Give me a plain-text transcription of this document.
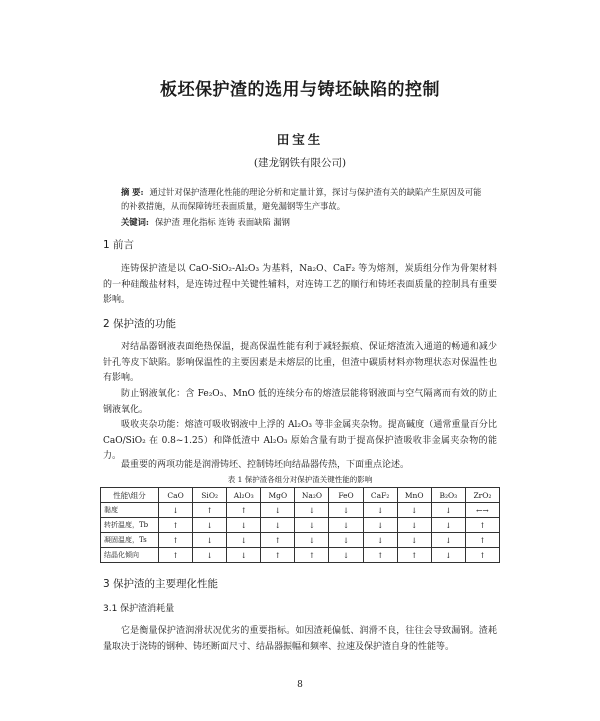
板坯保护渣的选用与铸坯缺陷的控制
田宝生
(建龙钢铁有限公司)
摘 要: 通过针对保护渣理化性能的理论分析和定量计算，探讨与保护渣有关的缺陷产生原因及可能的补救措施，从而保障铸坯表面质量，避免漏钢等生产事故。
关键词: 保护渣 理化指标 连铸 表面缺陷 漏钢
1 前言

连铸保护渣是以 CaO-SiO₂-Al₂O₃ 为基料，Na₂O、CaF₂ 等为熔剂，炭质组分作为骨架材料的一种硅酸盐材料，是连铸过程中关键性辅料，对连铸工艺的顺行和铸坯表面质量的控制具有重要影响。

2 保护渣的功能

对结晶器钢液表面绝热保温，提高保温性能有利于减轻振痕、保证熔渣流入通道的畅通和减少针孔等皮下缺陷。影响保温性的主要因素是未熔层的比重，但渣中碳质材料亦物理状态对保温性也有影响。

防止钢液氧化：含 Fe₂O₃、MnO 低的连续分布的熔渣层能将钢液面与空气隔离而有效的防止钢液氧化。

吸收夹杂功能：熔渣可吸收钢液中上浮的 Al₂O₃ 等非金属夹杂物。提高碱度（通常重量百分比 CaO/SiO₂ 在 0.8~1.25）和降低渣中 Al₂O₃ 原始含量有助于提高保护渣吸收非金属夹杂物的能力。

最重要的两项功能是润滑铸坯、控制铸坯向结晶器传热，下面重点论述。

表 1 保护渣各组分对保护渣关键性能的影响
性能\组分	CaO	SiO₂	Al₂O₃	MgO	Na₂O	FeO	CaF₂	MnO	B₂O₃	ZrO₂
黏度	↓	↑	↑	↓	↓	↓	↓	↓	↓	←→
转折温度，Tb	↑	↓	↓	↓	↓	↓	↓	↓	↓	↑
凝固温度，Ts	↑	↓	↓	↑	↓	↓	↓	↓	↓	↑
结晶化倾向	↑	↓	↓	↑	↑	↓	↑	↑	↓	↑
3 保护渣的主要理化性能
3.1 保护渣消耗量

它是衡量保护渣润滑状况优劣的重要指标。如因渣耗偏低、润滑不良，往往会导致漏钢。渣耗量取决于浇铸的钢种、铸坯断面尺寸、结晶器振幅和频率、拉速及保护渣自身的性能等。

8
